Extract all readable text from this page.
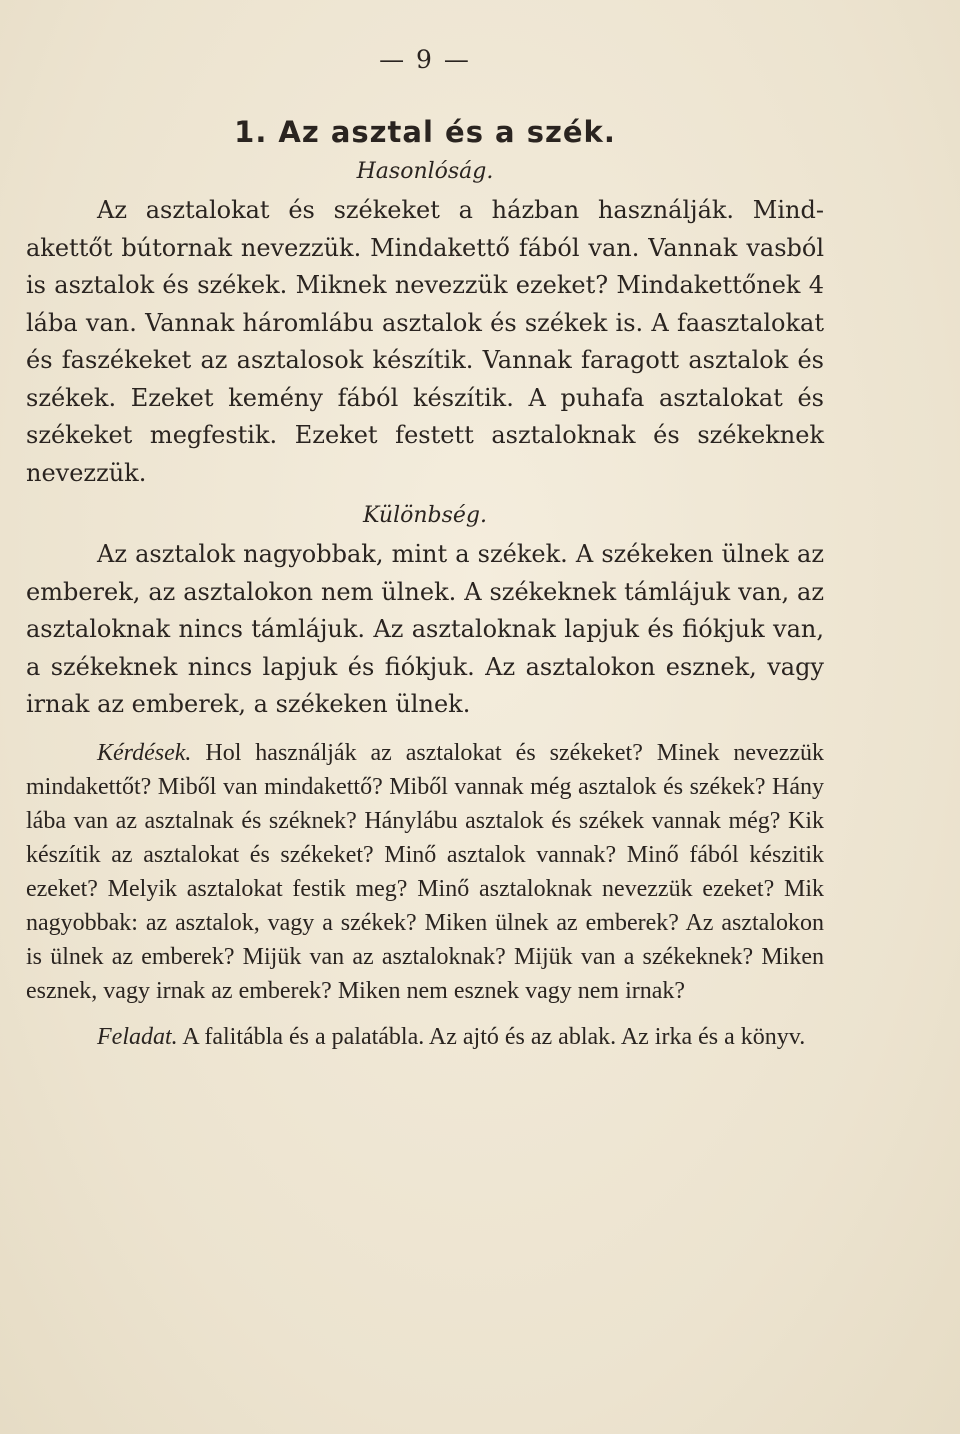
— 9 —
1. Az asztal és a szék.
Hasonlóság.

Az asztalokat és székeket a házban használják. Mindakettőt bútornak nevezzük. Mindakettő fából van. Vannak vasból is asztalok és székek. Miknek nevezzük ezeket? Mindakettőnek 4 lába van. Vannak háromlábu asztalok és székek is. A faasztalokat és faszékeket az asztalosok készítik. Vannak faragott asztalok és székek. Ezeket kemény fából készítik. A puhafa asztalokat és székeket megfestik. Ezeket festett asztaloknak és székeknek nevezzük.

Különbség.

Az asztalok nagyobbak, mint a székek. A székeken ülnek az emberek, az asztalokon nem ülnek. A székeknek támlájuk van, az asztaloknak nincs támlájuk. Az asztaloknak lapjuk és fiókjuk van, a székeknek nincs lapjuk és fiókjuk. Az asztalokon esznek, vagy irnak az emberek, a székeken ülnek.

Kérdések. Hol használják az asztalokat és székeket? Minek nevezzük mindakettőt? Miből van mindakettő? Miből vannak még asztalok és székek? Hány lába van az asztalnak és széknek? Hánylábu asztalok és székek vannak még? Kik készítik az asztalokat és székeket? Minő asztalok vannak? Minő fából készitik ezeket? Melyik asztalokat festik meg? Minő asztaloknak nevezzük ezeket? Mik nagyobbak: az asztalok, vagy a székek? Miken ülnek az emberek? Az asztalokon is ülnek az emberek? Mijük van az asztaloknak? Mijük van a székeknek? Miken esznek, vagy irnak az emberek? Miken nem esznek vagy nem irnak?

Feladat. A falitábla és a palatábla. Az ajtó és az ablak. Az irka és a könyv.
